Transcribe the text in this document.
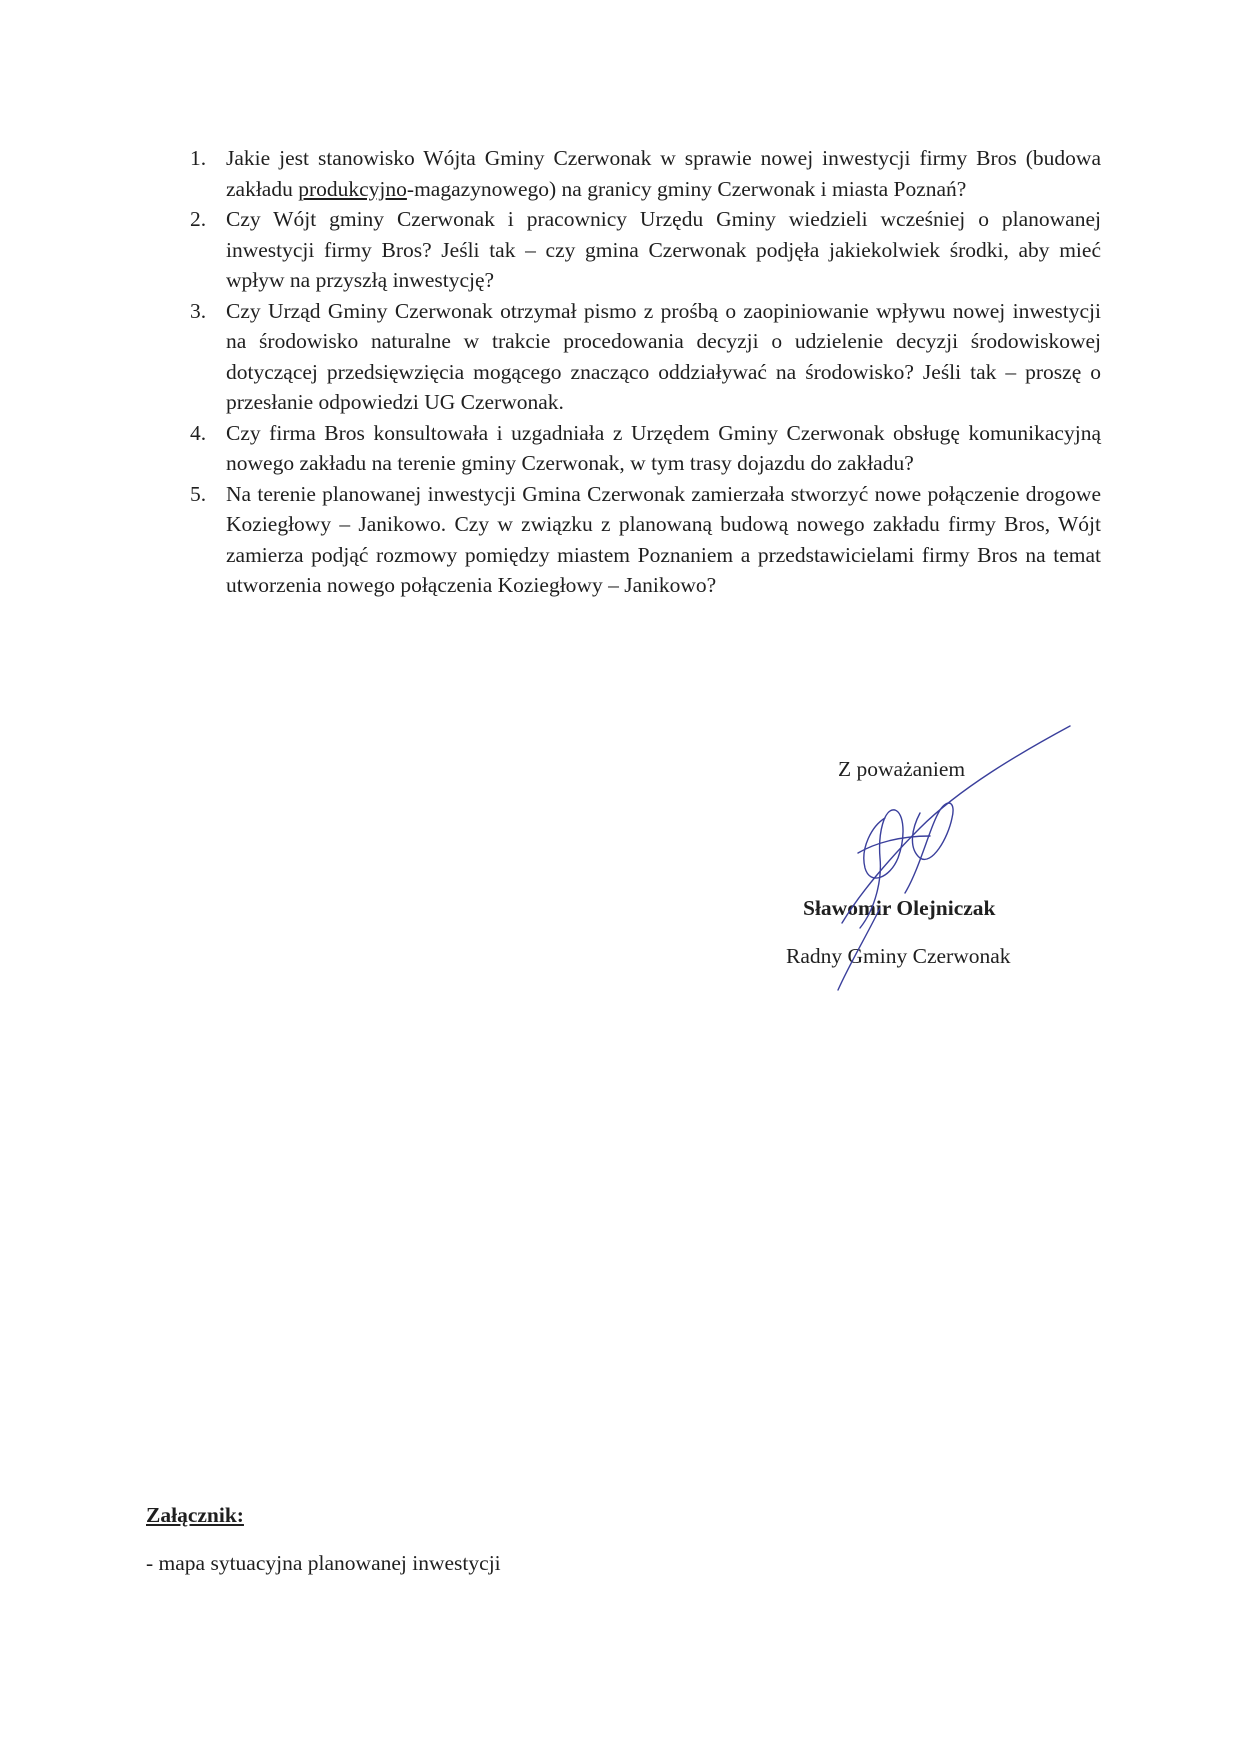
1. Jakie jest stanowisko Wójta Gminy Czerwonak w sprawie nowej inwestycji firmy Bros (budowa zakładu produkcyjno-magazynowego) na granicy gminy Czerwonak i miasta Poznań?
2. Czy Wójt gminy Czerwonak i pracownicy Urzędu Gminy wiedzieli wcześniej o planowanej inwestycji firmy Bros? Jeśli tak – czy gmina Czerwonak podjęła jakiekolwiek środki, aby mieć wpływ na przyszłą inwestycję?
3. Czy Urząd Gminy Czerwonak otrzymał pismo z prośbą o zaopiniowanie wpływu nowej inwestycji na środowisko naturalne w trakcie procedowania decyzji o udzielenie decyzji środowiskowej dotyczącej przedsięwzięcia mogącego znacząco oddziaływać na środowisko? Jeśli tak – proszę o przesłanie odpowiedzi UG Czerwonak.
4. Czy firma Bros konsultowała i uzgadniała z Urzędem Gminy Czerwonak obsługę komunikacyjną nowego zakładu na terenie gminy Czerwonak, w tym trasy dojazdu do zakładu?
5. Na terenie planowanej inwestycji Gmina Czerwonak zamierzała stworzyć nowe połączenie drogowe Koziegłowy – Janikowo. Czy w związku z planowaną budową nowego zakładu firmy Bros, Wójt zamierza podjąć rozmowy pomiędzy miastem Poznaniem a przedstawicielami firmy Bros na temat utworzenia nowego połączenia Koziegłowy – Janikowo?
Z poważaniem
Sławomir Olejniczak
Radny Gminy Czerwonak
Załącznik:
- mapa sytuacyjna planowanej inwestycji
